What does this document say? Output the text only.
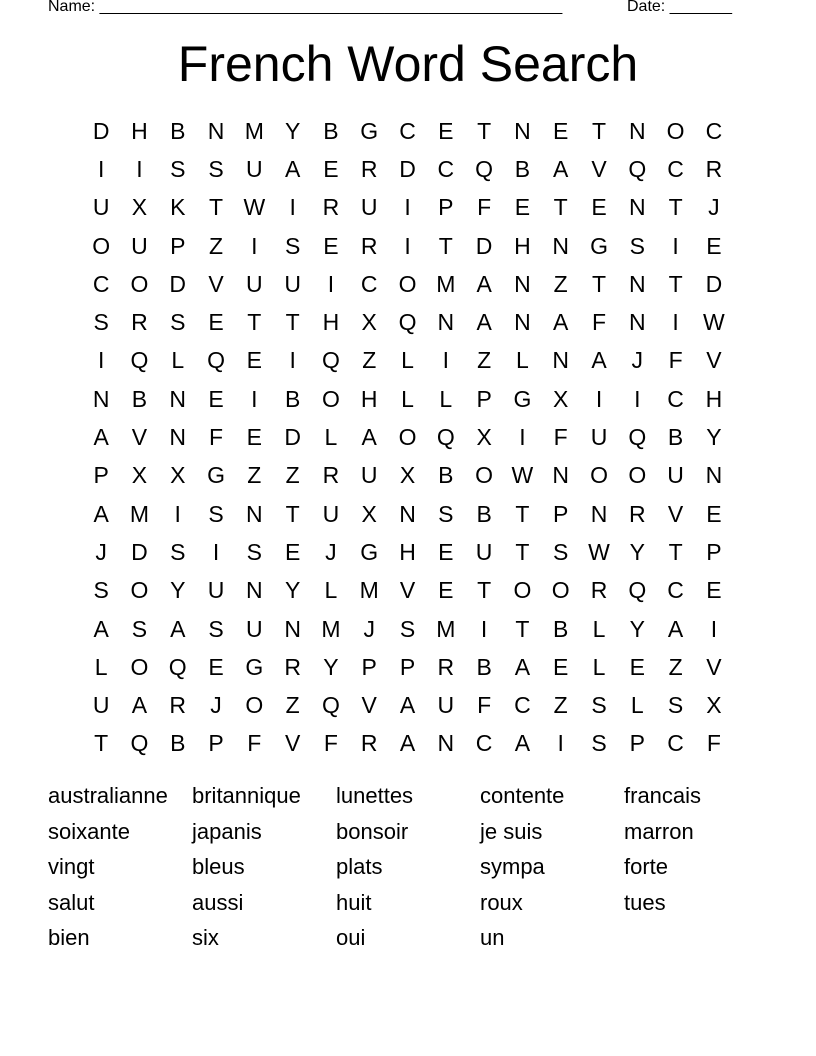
Name: ____________________________________________________	Date: _______
French Word Search
D H B N M Y B G C E	T N E	T N O C
I	I	S S U A E R D C Q B A V Q C R
U X K	T W	I	R U	I	P	F	E	T	E N T	J
O U P	Z	I	S E R	I	T D H N G S	I	E
C O D V U U	I	C O M A N Z	T N T D
S R S E	T	T H X Q N A N A	F N	I	W
I	Q L Q E	I	Q Z	L	I	Z	L	N A	J	F	V
N B N E	I	B O H	L	L	P G X	I	I	C H
A V N F	E D	L	A O Q X	I	F U Q B Y
P X X G Z	Z R U X B O W N O O U N
A M	I	S N T U X N S B	T	P N R V E
J	D S	I	S E	J	G H E U T	S W Y	T	P
S O Y U N Y	L M V E	T O O R Q C E
A S A S U N M J	S M	I	T	B	L	Y A	I
L O Q E G R Y P P R B A E	L	E	Z	V
U A R	J	O Z Q V A U F C Z	S	L	S X
T Q B P	F	V	F R A N C A	I	S P C F
australianne	britannique	lunettes	contente	francais
soixante	japanis	bonsoir	je suis	marron
vingt	bleus	plats	sympa	forte
salut	aussi	huit	roux	tues
bien	six	oui	un
